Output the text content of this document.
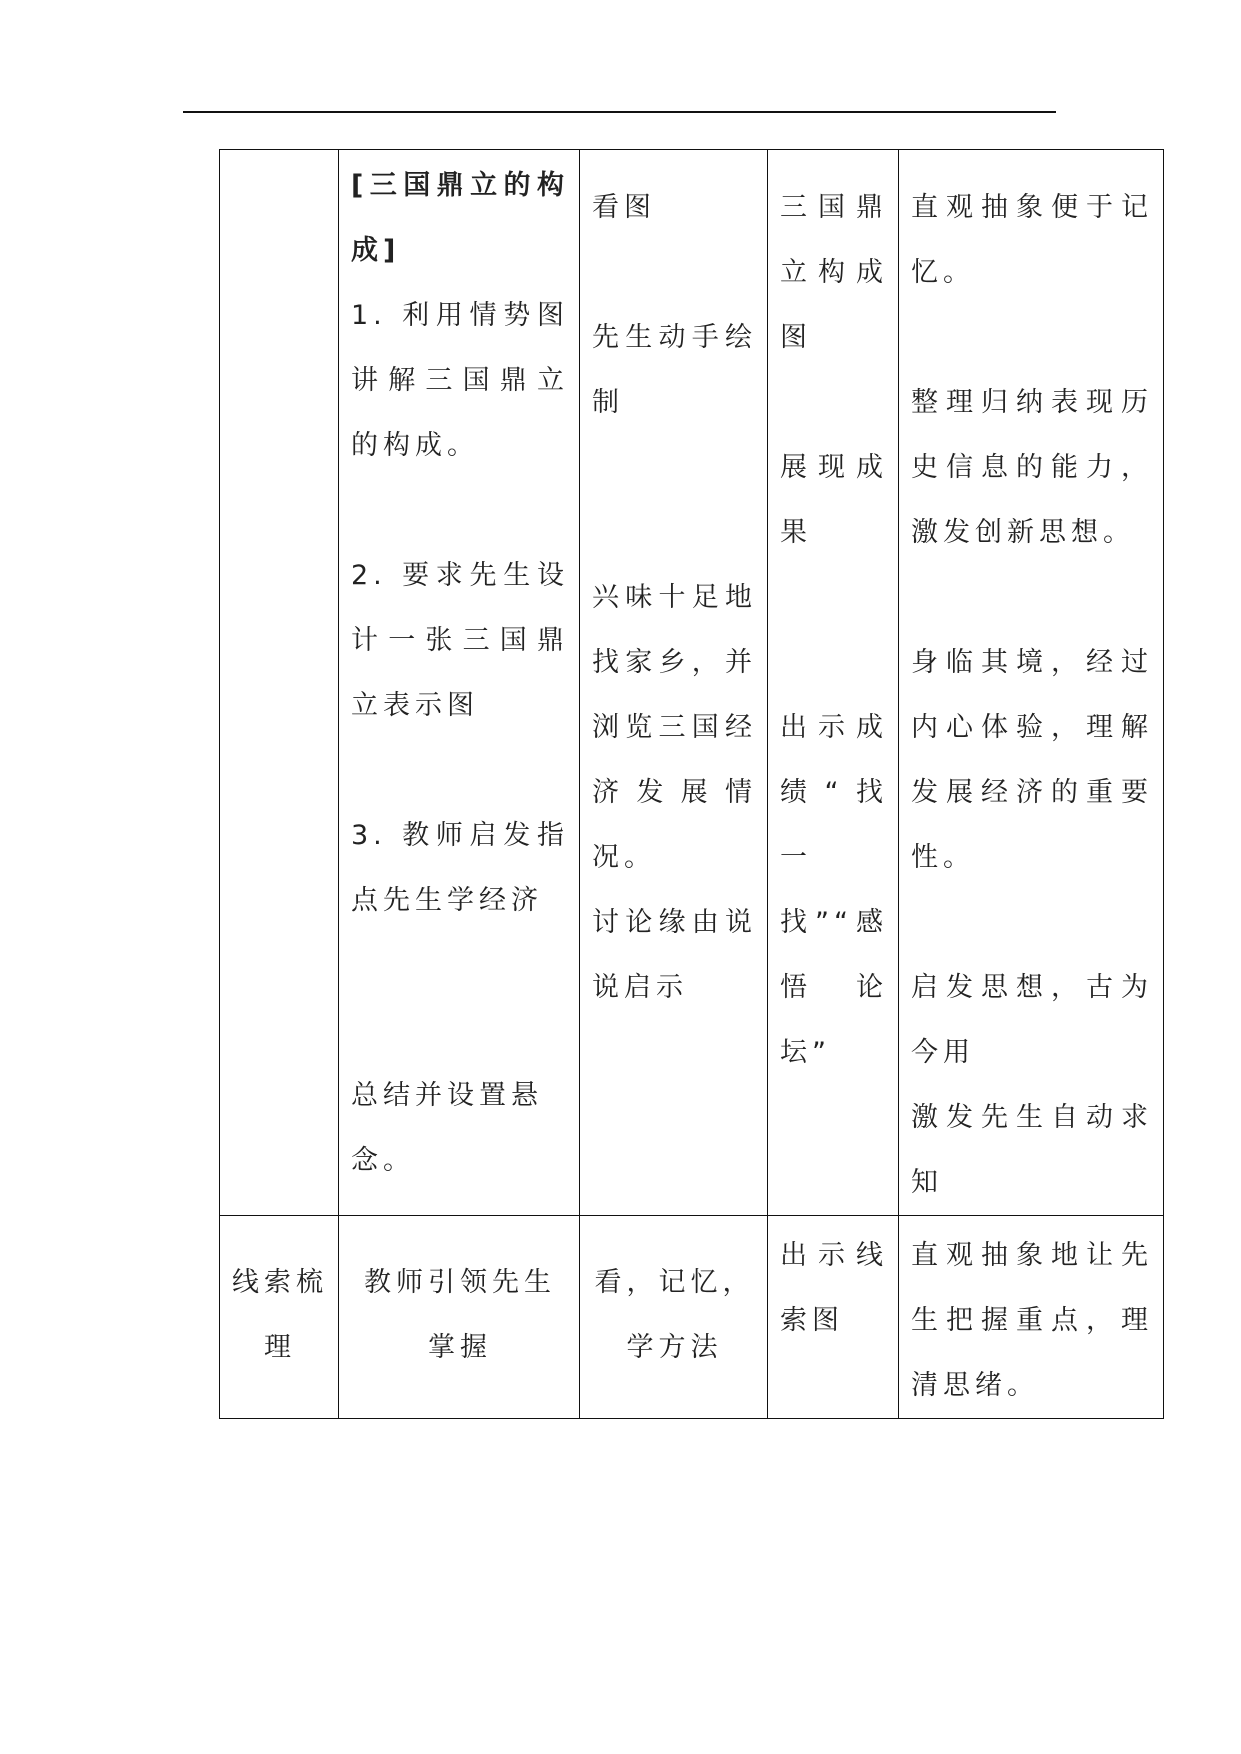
	[三国鼎立的构成]
1. 利用情势图讲解三国鼎立的构成。
2. 要求先生设计一张三国鼎立表示图
3. 教师启发指点先生学经济
总结并设置悬念。	看图
先生动手绘制
兴味十足地找家乡，并浏览三国经济发展情况。
讨论缘由说说启示	三国鼎立构成图
展现成果
出示成绩“找一找”“感悟论坛”	直观抽象便于记忆。
整理归纳表现历史信息的能力，激发创新思想。
身临其境，经过内心体验，理解发展经济的重要性。
启发思想，古为今用
激发先生自动求知

线索梳理	教师引领先生掌握	看，记忆，学方法	出示线索图	直观抽象地让先生把握重点，理清思绪。
